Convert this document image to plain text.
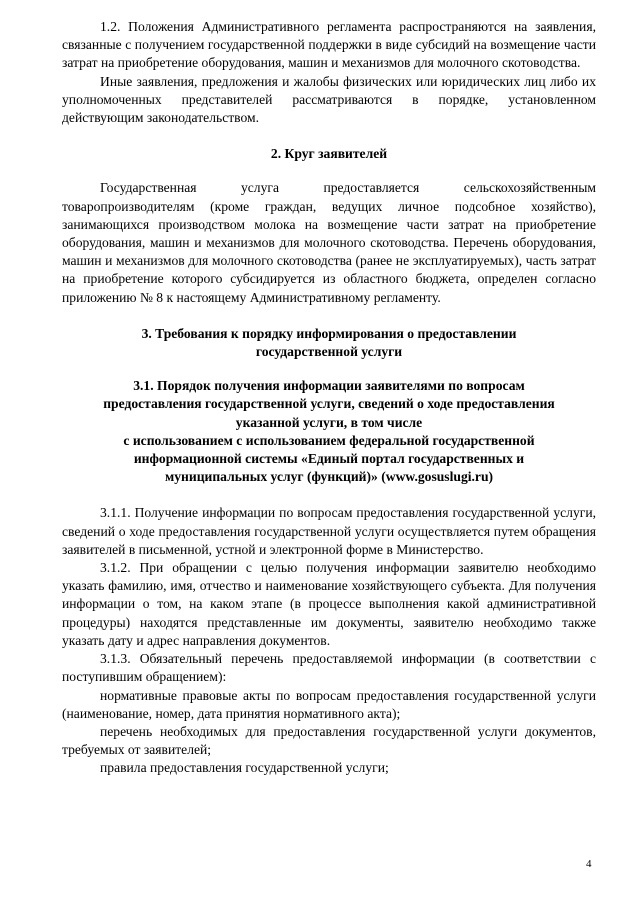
1.2. Положения Административного регламента распространяются на заявления, связанные с получением государственной поддержки в виде субсидий на возмещение части затрат на приобретение оборудования, машин и механизмов для молочного скотоводства.

Иные заявления, предложения и жалобы физических или юридических лиц либо их уполномоченных представителей рассматриваются в порядке, установленном действующим законодательством.

2. Круг заявителей

Государственная услуга предоставляется сельскохозяйственным товаропроизводителям (кроме граждан, ведущих личное подсобное хозяйство), занимающихся производством молока на возмещение части затрат на приобретение оборудования, машин и механизмов для молочного скотоводства. Перечень оборудования, машин и механизмов для молочного скотоводства (ранее не эксплуатируемых), часть затрат на приобретение которого субсидируется из областного бюджета, определен согласно приложению № 8 к настоящему Административному регламенту.

3. Требования к порядку информирования о предоставлении
государственной услуги
3.1. Порядок получения информации заявителями по вопросам
предоставления государственной услуги, сведений о ходе предоставления
указанной услуги, в том числе
с использованием с использованием федеральной государственной
информационной системы «Единый портал государственных и
муниципальных услуг (функций)» (www.gosuslugi.ru)

3.1.1. Получение информации по вопросам предоставления государственной услуги, сведений о ходе предоставления государственной услуги осуществляется путем обращения заявителей в письменной, устной и электронной форме в Министерство.

3.1.2. При обращении с целью получения информации заявителю необходимо указать фамилию, имя, отчество и наименование хозяйствующего субъекта. Для получения информации о том, на каком этапе (в процессе выполнения какой административной процедуры) находятся представленные им документы, заявителю необходимо также указать дату и адрес направления документов.

3.1.3. Обязательный перечень предоставляемой информации (в соответствии с поступившим обращением):

нормативные правовые акты по вопросам предоставления государственной услуги (наименование, номер, дата принятия нормативного акта);

перечень необходимых для предоставления государственной услуги документов, требуемых от заявителей;

правила предоставления государственной услуги;

4
